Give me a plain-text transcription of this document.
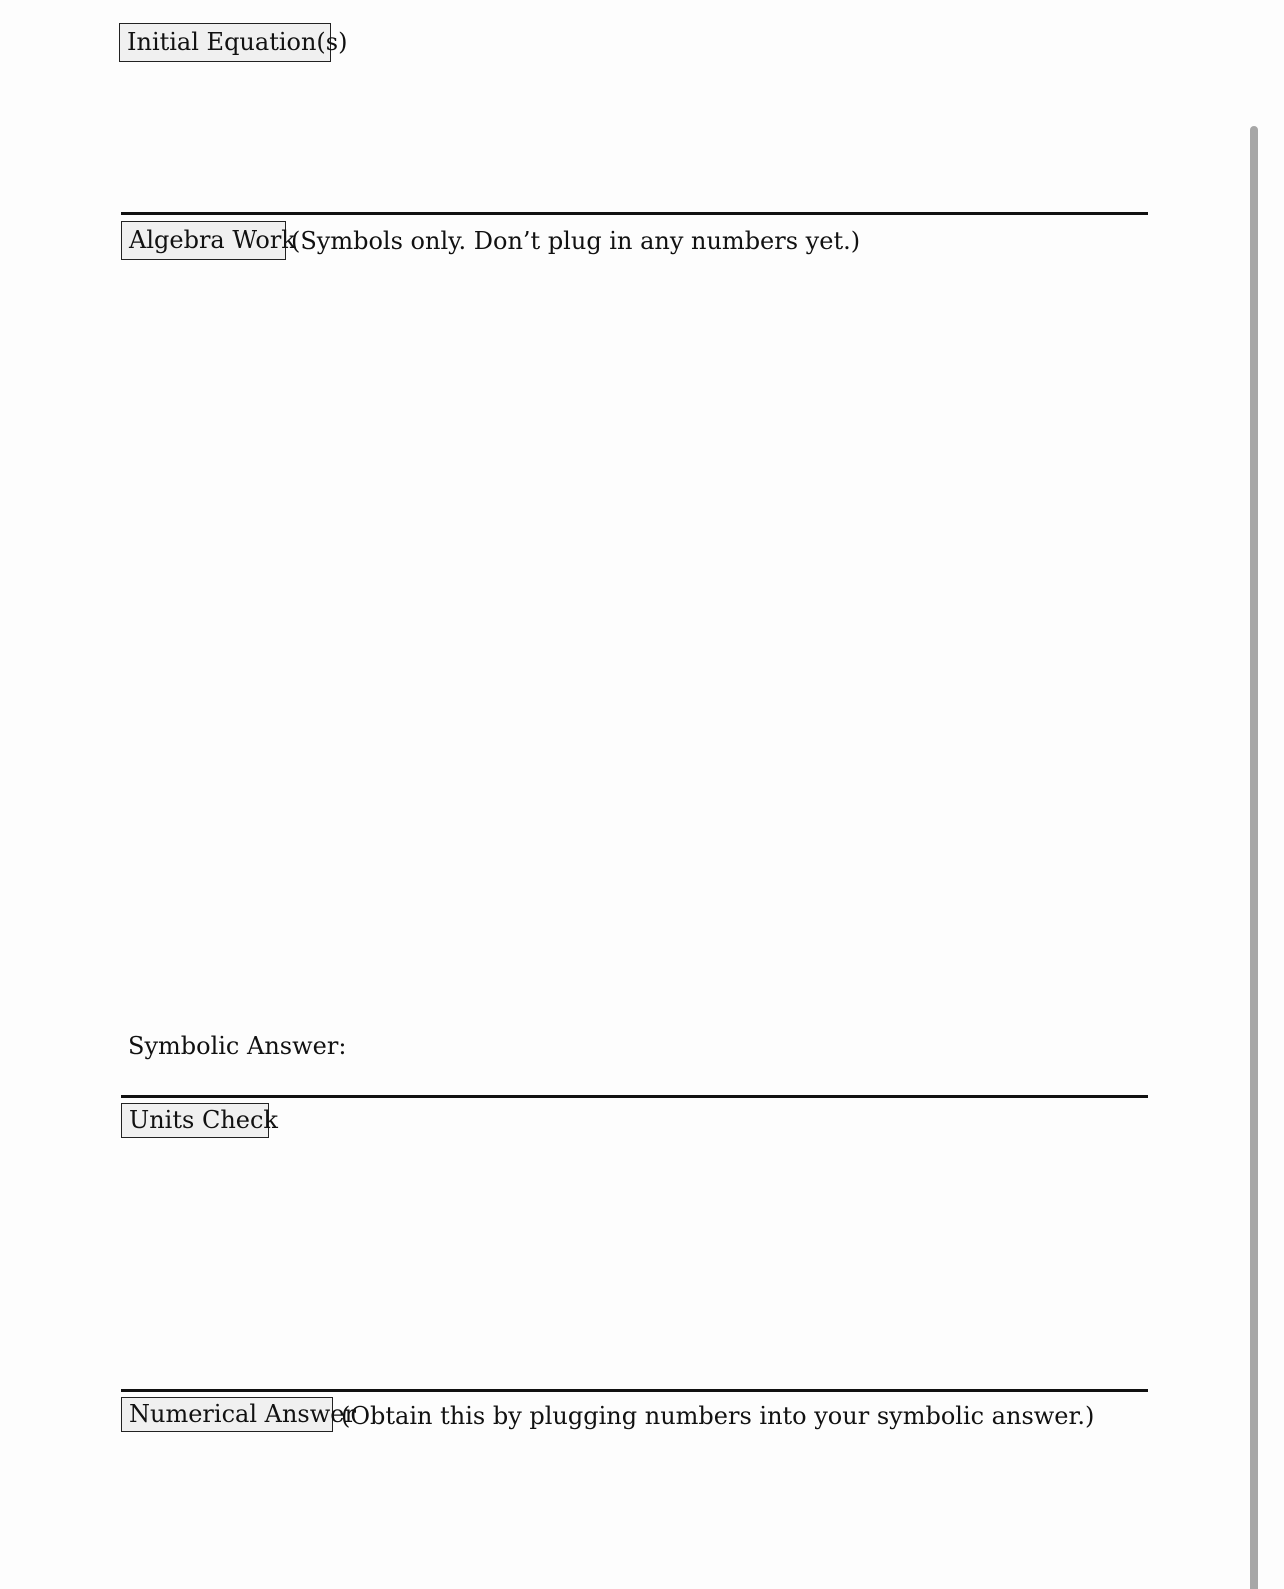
Initial Equation(s)
Algebra Work
(Symbols only. Don’t plug in any numbers yet.)
Symbolic Answer:
Units Check
Numerical Answer
(Obtain this by plugging numbers into your symbolic answer.)
